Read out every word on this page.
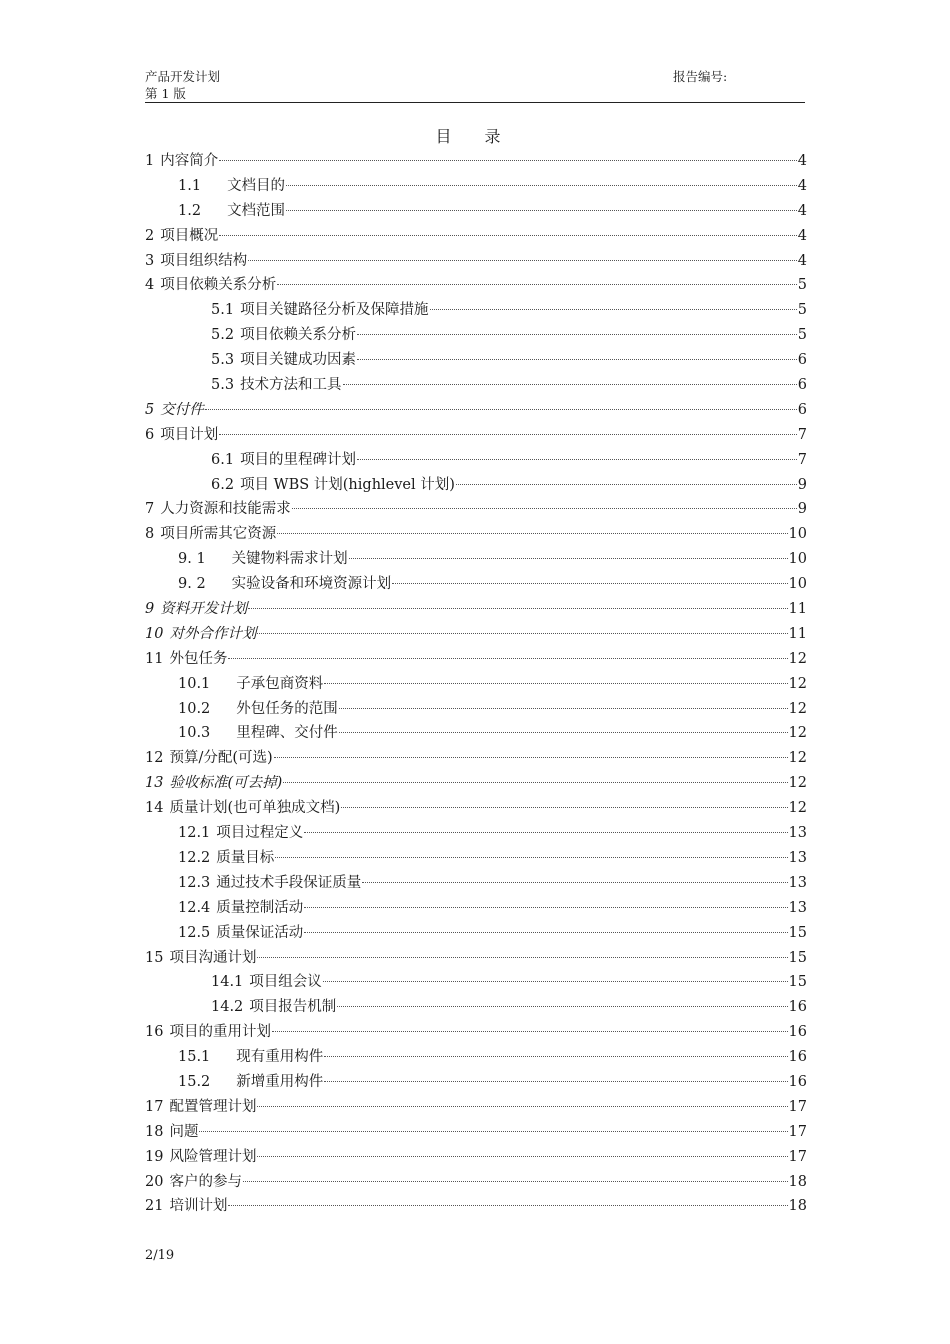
产品开发计划
第 1 版
报告编号:
目 录
1 内容简介	4
1.1 文档目的	4
1.2 文档范围	4
2 项目概况	4
3 项目组织结构	4
4 项目依赖关系分析	5
5.1 项目关键路径分析及保障措施	5
5.2 项目依赖关系分析	5
5.3 项目关键成功因素	6
5.3 技术方法和工具	6
5 交付件	6
6 项目计划	7
6.1 项目的里程碑计划	7
6.2 项目 WBS 计划(highlevel 计划)	9
7 人力资源和技能需求	9
8 项目所需其它资源	10
9. 1 关键物料需求计划	10
9. 2 实验设备和环境资源计划	10
9 资料开发计划	11
10 对外合作计划	11
11 外包任务	12
10.1 子承包商资料	12
10.2 外包任务的范围	12
10.3 里程碑、交付件	12
12 预算/分配(可选)	12
13 验收标准(可去掉)	12
14 质量计划(也可单独成文档)	12
12.1 项目过程定义	13
12.2 质量目标	13
12.3 通过技术手段保证质量	13
12.4 质量控制活动	13
12.5 质量保证活动	15
15 项目沟通计划	15
14.1 项目组会议	15
14.2 项目报告机制	16
16 项目的重用计划	16
15.1 现有重用构件	16
15.2 新增重用构件	16
17 配置管理计划	17
18 问题	17
19 风险管理计划	17
20 客户的参与	18
21 培训计划	18
2/19
